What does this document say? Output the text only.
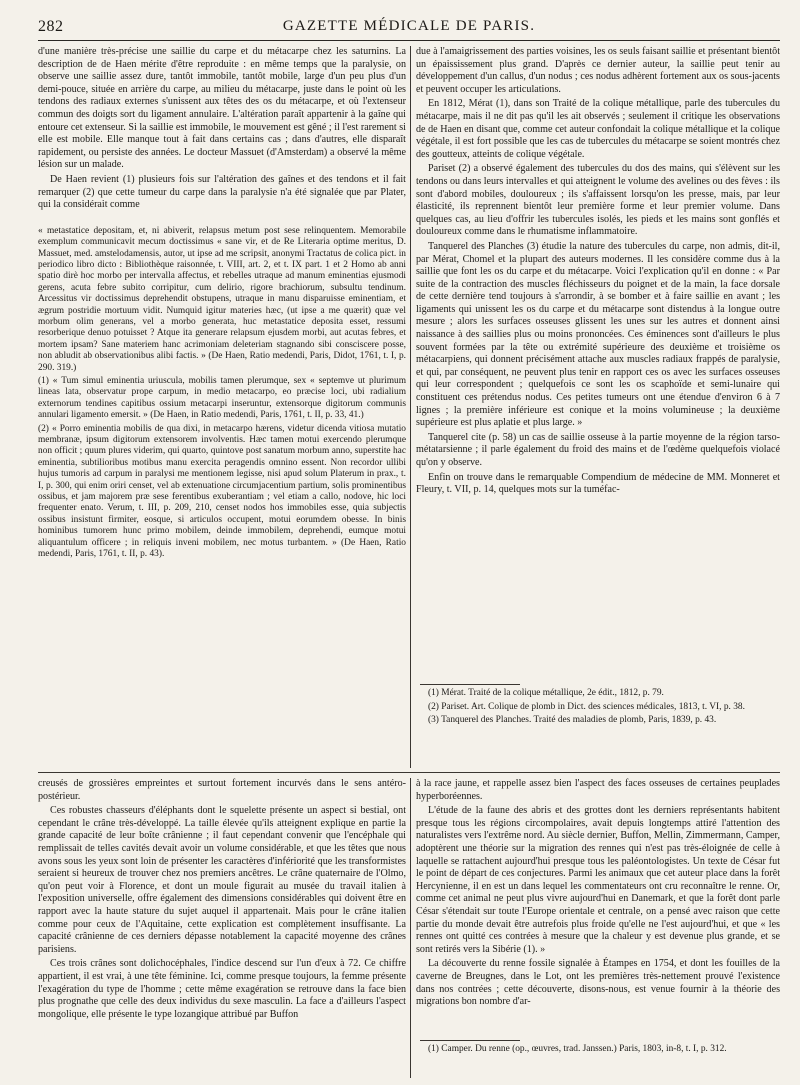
282	GAZETTE MÉDICALE DE PARIS.

d'une manière très-précise une saillie du carpe et du métacarpe chez les saturnins. La description de de Haen mérite d'être reproduite : en même temps que la paralysie, on observe une saillie assez dure, tantôt immobile, tantôt mobile, large d'un peu plus d'un demi-pouce, située en arrière du carpe, au milieu du métacarpe, juste dans le point où les tendons des radiaux externes s'unissent aux têtes des os du métacarpe, et où l'extenseur commun des doigts sort du ligament annulaire. L'altération paraît appartenir à la gaîne qui entoure cet extenseur. Si la saillie est immobile, le mouvement est gêné ; il l'est rarement si elle est mobile. Elle manque tout à fait dans certains cas ; dans d'autres, elle disparaît rapidement, ou persiste des années. Le docteur Massuet (d'Amsterdam) a observé la même lésion sur un malade.

De Haen revient (1) plusieurs fois sur l'altération des gaînes et des tendons et il fait remarquer (2) que cette tumeur du carpe dans la paralysie n'a été signalée que par Plater, qui la considérait comme

« metastatice depositam, et, ni abiverit, relapsus metum post sese relinquentem. Memorabile exemplum communicavit mecum doctissimus « sane vir, et de Re Literaria optime meritus, D. Massuet, med. amstelodamensis, autor, ut ipse ad me scripsit, anonymi Tractatus de colica pict. in periodico libro dicto : Bibliothèque raisonnée, t. VIII, art. 2, et t. IX part. 1 et 2 Homo ab anni spatio dirè hoc morbo per intervalla affectus, et rebelles utraque ad manum eminentias ejusmodi gerens, acuta febre subito corripitur, cum delirio, rigore brachiorum, subsultu tendinum. Arcessitus vir doctissimus deprehendit obstupens, utraque in manu disparuisse eminentiam, et ægrum postridie mortuum vidit. Numquid igitur materies hæc, (ut ipse a me quærit) quæ vel morbum olim generans, vel a morbo generata, huc metastatice deposita esset, ressumi resorberique denuo potuisset ? Atque ita generare relapsum ejusdem morbi, aut acutas febres, et mortem ipsam? Sane materiem hanc acrimoniam deleteriam stagnando sibi consciscere posse, non abludit ab observationibus alibi factis. » (De Haen, Ratio medendi, Paris, Didot, 1761, t. I, p. 290. 319.)

(1) « Tum simul eminentia uriuscula, mobilis tamen plerumque, sex « septemve ut plurimum lineas lata, observatur prope carpum, in medio metacarpo, eo præcise loci, ubi radialium externorum tendines capitibus ossium metacarpi inseruntur, extensorque digitorum communis annulari ligamento emersit. » (De Haen, in Ratio medendi, Paris, 1761, t. II, p. 33, 41.)

(2) « Porro eminentia mobilis de qua dixi, in metacarpo hærens, videtur dicenda vitiosa mutatio membranæ, ipsum digitorum extensorem involventis. Hæc tamen motui exercendo plerumque non officit ; quum plures viderim, qui quarto, quintove post sanatum morbum anno, superstite hac eminentia, subtilioribus motibus manu exercita peragendis omnino essent. Non recordor ullibi hujus tumoris ad carpum in paralysi me mentionem legisse, nisi apud solum Platerum in prax., t. I, p. 300, qui enim oriri censet, vel ab extenuatione circumjacentium partium, solis prominentibus ossibus, et jam majorem præ sese ferentibus exuberantiam ; vel etiam a callo, nodove, hic loci frequenter enato. Verum, t. III, p. 209, 210, censet nodos hos immobiles esse, quia subjectis ossibus insistunt firmiter, eosque, si articulos occupent, motui eorumdem obesse. In binis hominibus tumorem hunc primo mobilem, deinde immobilem, deprehendi, eumque motui aliquantulum officere ; in reliquis inveni mobilem, nec motus turbantem. » (De Haen, Ratio medendi, Paris, 1761, t. II, p. 43).

due à l'amaigrissement des parties voisines, les os seuls faisant saillie et présentant bientôt un épaississement plus grand. D'après ce dernier auteur, la saillie peut tenir au développement d'un callus, d'un nodus ; ces nodus adhèrent fortement aux os sous-jacents et peuvent occuper les articulations.

En 1812, Mérat (1), dans son Traité de la colique métallique, parle des tubercules du métacarpe, mais il ne dit pas qu'il les ait observés ; seulement il critique les observations de de Haen en disant que, comme cet auteur confondait la colique métallique et la colique végétale, il est fort possible que les cas de tubercules du métacarpe se soient montrés chez des goutteux, atteints de colique végétale.

Pariset (2) a observé également des tubercules du dos des mains, qui s'élèvent sur les tendons ou dans leurs intervalles et qui atteignent le volume des avelines ou des fèves : ils sont d'abord mobiles, douloureux ; ils s'affaissent lorsqu'on les presse, mais, par leur élasticité, ils reprennent bientôt leur première forme et leur premier volume. Dans quelques cas, au lieu d'offrir les tubercules isolés, les pieds et les mains sont gonflés et douloureux comme dans le rhumatisme inflammatoire.

Tanquerel des Planches (3) étudie la nature des tubercules du carpe, non admis, dit-il, par Mérat, Chomel et la plupart des auteurs modernes. Il les considère comme dus à la saillie que font les os du carpe et du métacarpe. Voici l'explication qu'il en donne : « Par suite de la contraction des muscles fléchisseurs du poignet et de la main, la face dorsale de cette dernière tend toujours à s'arrondir, à se bomber et à faire saillie en avant ; les ligaments qui unissent les os du carpe et du métacarpe sont distendus à la longue outre mesure ; alors les surfaces osseuses glissent les unes sur les autres et donnent ainsi naissance à des saillies plus ou moins prononcées. Ces éminences sont d'ailleurs le plus souvent formées par la tête ou extrémité supérieure des deuxième et troisième os métacarpiens, qui donnent précisément attache aux muscles radiaux frappés de paralysie, et qui, par conséquent, ne peuvent plus tenir en rapport ces os avec les surfaces osseuses qui leur correspondent ; quelquefois ce sont les os scaphoïde et semi-lunaire qui constituent ces prétendus nodus. Ces petites tumeurs ont une étendue d'environ 6 à 7 lignes ; la première inférieure est conique et la moins volumineuse ; la deuxième supérieure est plus aplatie et plus large. »

Tanquerel cite (p. 58) un cas de saillie osseuse à la partie moyenne de la région tarso-métatarsienne ; il parle également du froid des mains et de l'œdème quelquefois violacé qu'on y observe.

Enfin on trouve dans le remarquable Compendium de médecine de MM. Monneret et Fleury, t. VII, p. 14, quelques mots sur la tuméfac-

(1) Mérat. Traité de la colique métallique, 2e édit., 1812, p. 79.

(2) Pariset. Art. Colique de plomb in Dict. des sciences médicales, 1813, t. VI, p. 38.

(3) Tanquerel des Planches. Traité des maladies de plomb, Paris, 1839, p. 43.

creusés de grossières empreintes et surtout fortement incurvés dans le sens antéro-postérieur.

Ces robustes chasseurs d'éléphants dont le squelette présente un aspect si bestial, ont cependant le crâne très-développé. La taille élevée qu'ils atteignent explique en partie la grande capacité de leur boîte crânienne ; il faut cependant convenir que l'encéphale qui remplissait de telles cavités devait avoir un volume considérable, et que les têtes que nous avons sous les yeux sont loin de présenter les caractères d'infériorité que les transformistes seraient si heureux de trouver chez nos premiers ancêtres. Le crâne quaternaire de l'Olmo, qu'on peut voir à Florence, et dont un moule figurait au musée du travail italien à l'exposition universelle, offre également des dimensions considérables qui doivent être en rapport avec la haute stature du sujet auquel il appartenait. Mais pour le crâne italien comme pour ceux de l'Aquitaine, cette explication est complètement insuffisante. La capacité crânienne de ces derniers dépasse notablement la capacité moyenne des crânes parisiens.

Ces trois crânes sont dolichocéphales, l'indice descend sur l'un d'eux à 72. Ce chiffre appartient, il est vrai, à une tête féminine. Ici, comme presque toujours, la femme présente l'exagération du type de l'homme ; cette même exagération se retrouve dans la face bien plus prognathe que celle des deux individus du sexe masculin. La face a d'ailleurs l'aspect mongolique, elle présente le type lozangique attribué par Buffon

à la race jaune, et rappelle assez bien l'aspect des faces osseuses de certaines peuplades hyperboréennes.

L'étude de la faune des abris et des grottes dont les derniers représentants habitent presque tous les régions circompolaires, avait depuis longtemps attiré l'attention des naturalistes vers l'extrême nord. Au siècle dernier, Buffon, Mellin, Zimmermann, Camper, adoptèrent une théorie sur la migration des rennes qui n'est pas très-éloignée de celle à laquelle se rattachent aujourd'hui presque tous les paléontologistes. Un texte de César fut le point de départ de ces conjectures. Parmi les animaux que cet auteur place dans la forêt Hercynienne, il en est un dans lequel les commentateurs ont cru reconnaître le renne. Or, comme cet animal ne peut plus vivre aujourd'hui en Danemark, et que la forêt dont parle César s'étendait sur toute l'Europe orientale et centrale, on a pensé avec raison que cette partie du monde devait être autrefois plus froide qu'elle ne l'est aujourd'hui, et que « les rennes ont quitté ces contrées à mesure que la chaleur y est devenue plus grande, et se sont retirés vers la Sibérie (1). »

La découverte du renne fossile signalée à Étampes en 1754, et dont les fouilles de la caverne de Breugnes, dans le Lot, ont les premières très-nettement prouvé l'existence dans nos contrées ; cette découverte, disons-nous, est venue fournir à la théorie des migrations bon nombre d'ar-

(1) Camper. Du renne (op., œuvres, trad. Janssen.) Paris, 1803, in-8, t. I, p. 312.
